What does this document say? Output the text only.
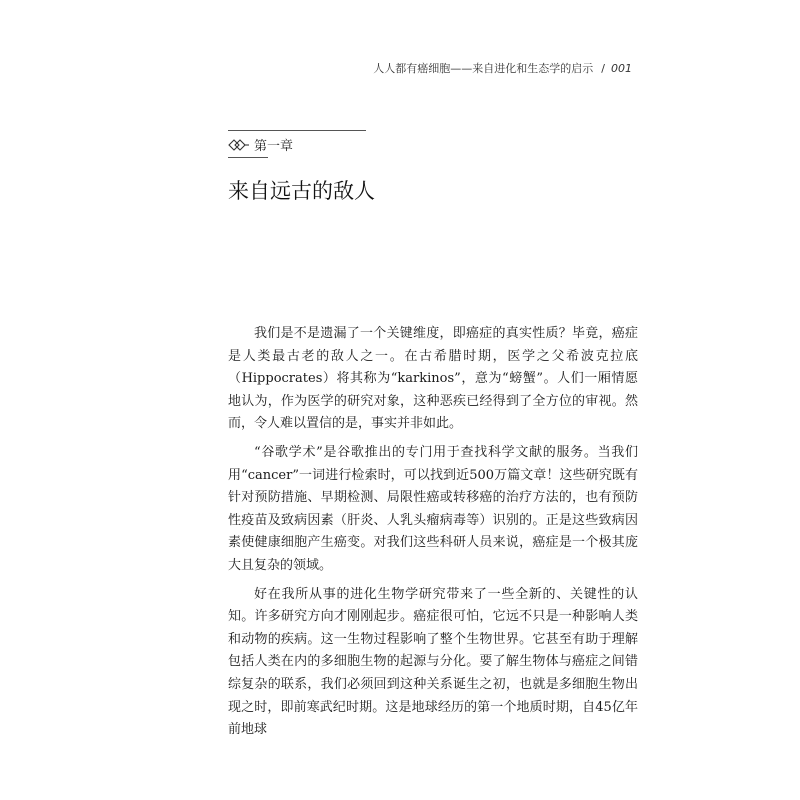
人人都有癌细胞——来自进化和生态学的启示 / 001
第一章
来自远古的敌人

我们是不是遗漏了一个关键维度，即癌症的真实性质？毕竟，癌症是人类最古老的敌人之一。在古希腊时期，医学之父希波克拉底（Hippocrates）将其称为“karkinos”，意为“螃蟹”。人们一厢情愿地认为，作为医学的研究对象，这种恶疾已经得到了全方位的审视。然而，令人难以置信的是，事实并非如此。

“谷歌学术”是谷歌推出的专门用于查找科学文献的服务。当我们用“cancer”一词进行检索时，可以找到近500万篇文章！这些研究既有针对预防措施、早期检测、局限性癌或转移癌的治疗方法的，也有预防性疫苗及致病因素（肝炎、人乳头瘤病毒等）识别的。正是这些致病因素使健康细胞产生癌变。对我们这些科研人员来说，癌症是一个极其庞大且复杂的领域。

好在我所从事的进化生物学研究带来了一些全新的、关键性的认知。许多研究方向才刚刚起步。癌症很可怕，它远不只是一种影响人类和动物的疾病。这一生物过程影响了整个生物世界。它甚至有助于理解包括人类在内的多细胞生物的起源与分化。要了解生物体与癌症之间错综复杂的联系，我们必须回到这种关系诞生之初，也就是多细胞生物出现之时，即前寒武纪时期。这是地球经历的第一个地质时期，自45亿年前地球
